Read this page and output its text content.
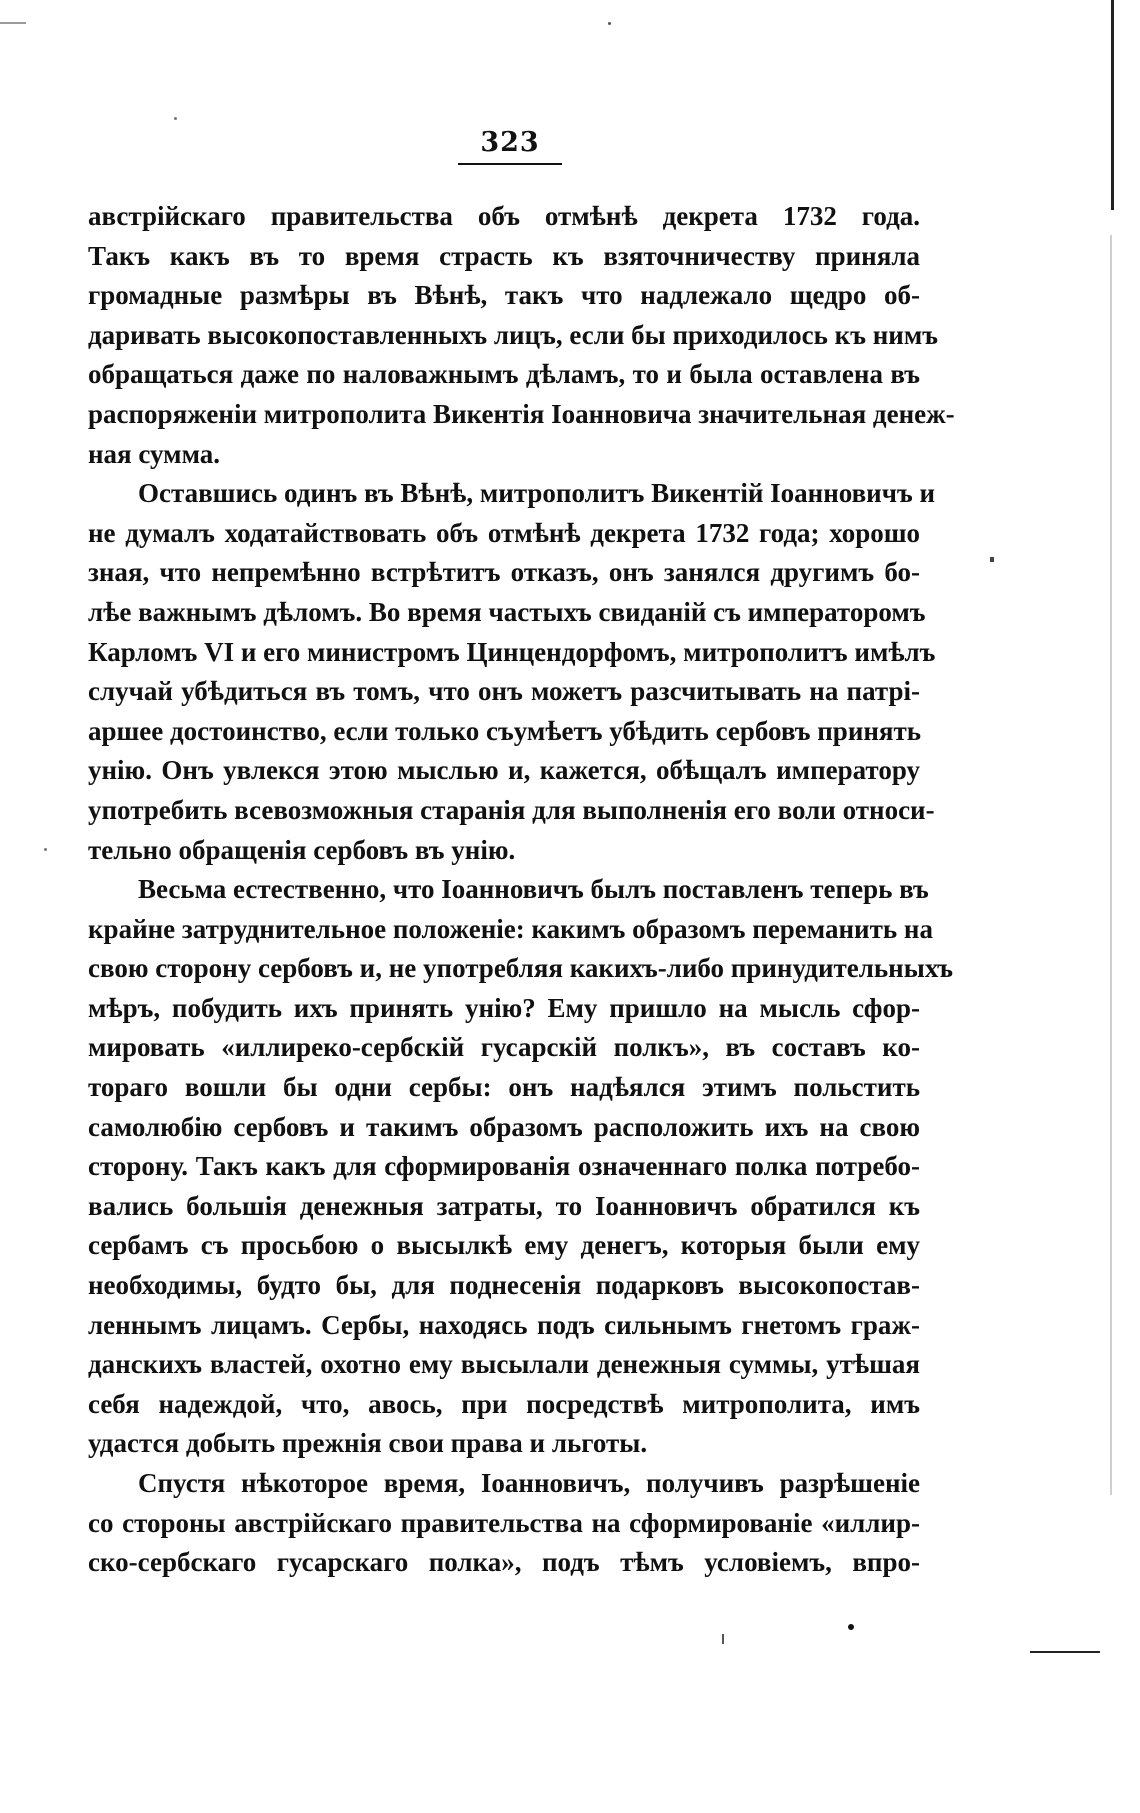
323
австрійскаго правительства объ отмѣнѣ декрета 1732 года.
Такъ какъ въ то время страсть къ взяточничеству приняла
громадные размѣры въ Вѣнѣ, такъ что надлежало щедро об-
даривать высокопоставленныхъ лицъ, если бы приходилось къ нимъ
обращаться даже по наловажнымъ дѣламъ, то и была оставлена въ
распоряженіи митрополита Викентія Іоанновича значительная денеж-
ная сумма.
Оставшись одинъ въ Вѣнѣ, митрополитъ Викентій Іоанновичъ и
не думалъ ходатайствовать объ отмѣнѣ декрета 1732 года; хорошо
зная, что непремѣнно встрѣтитъ отказъ, онъ занялся другимъ бо-
лѣе важнымъ дѣломъ. Во время частыхъ свиданій съ императоромъ
Карломъ VI и его министромъ Цинцендорфомъ, митрополитъ имѣлъ
случай убѣдиться въ томъ, что онъ можетъ разсчитывать на патрі-
аршее достоинство, если только съумѣетъ убѣдить сербовъ принять
унію. Онъ увлекся этою мыслью и, кажется, обѣщалъ императору
употребить всевозможныя старанія для выполненія его воли относи-
тельно обращенія сербовъ въ унію.
Весьма естественно, что Іоанновичъ былъ поставленъ теперь въ
крайне затруднительное положеніе: какимъ образомъ переманить на
свою сторону сербовъ и, не употребляя какихъ-либо принудительныхъ
мѣръ, побудить ихъ принять унію? Ему пришло на мысль сфор-
мировать «иллиреко-сербскій гусарскій полкъ», въ составъ ко-
тораго вошли бы одни сербы: онъ надѣялся этимъ польстить
самолюбію сербовъ и такимъ образомъ расположить ихъ на свою
сторону. Такъ какъ для сформированія означеннаго полка потребо-
вались большія денежныя затраты, то Іоанновичъ обратился къ
сербамъ съ просьбою о высылкѣ ему денегъ, которыя были ему
необходимы, будто бы, для поднесенія подарковъ высокопостав-
леннымъ лицамъ. Сербы, находясь подъ сильнымъ гнетомъ граж-
данскихъ властей, охотно ему высылали денежныя суммы, утѣшая
себя надеждой, что, авось, при посредствѣ митрополита, имъ
удастся добыть прежнія свои права и льготы.
Спустя нѣкоторое время, Іоанновичъ, получивъ разрѣшеніе
со стороны австрійскаго правительства на сформированіе «иллир-
ско-сербскаго гусарскаго полка», подъ тѣмъ условіемъ, впро-
